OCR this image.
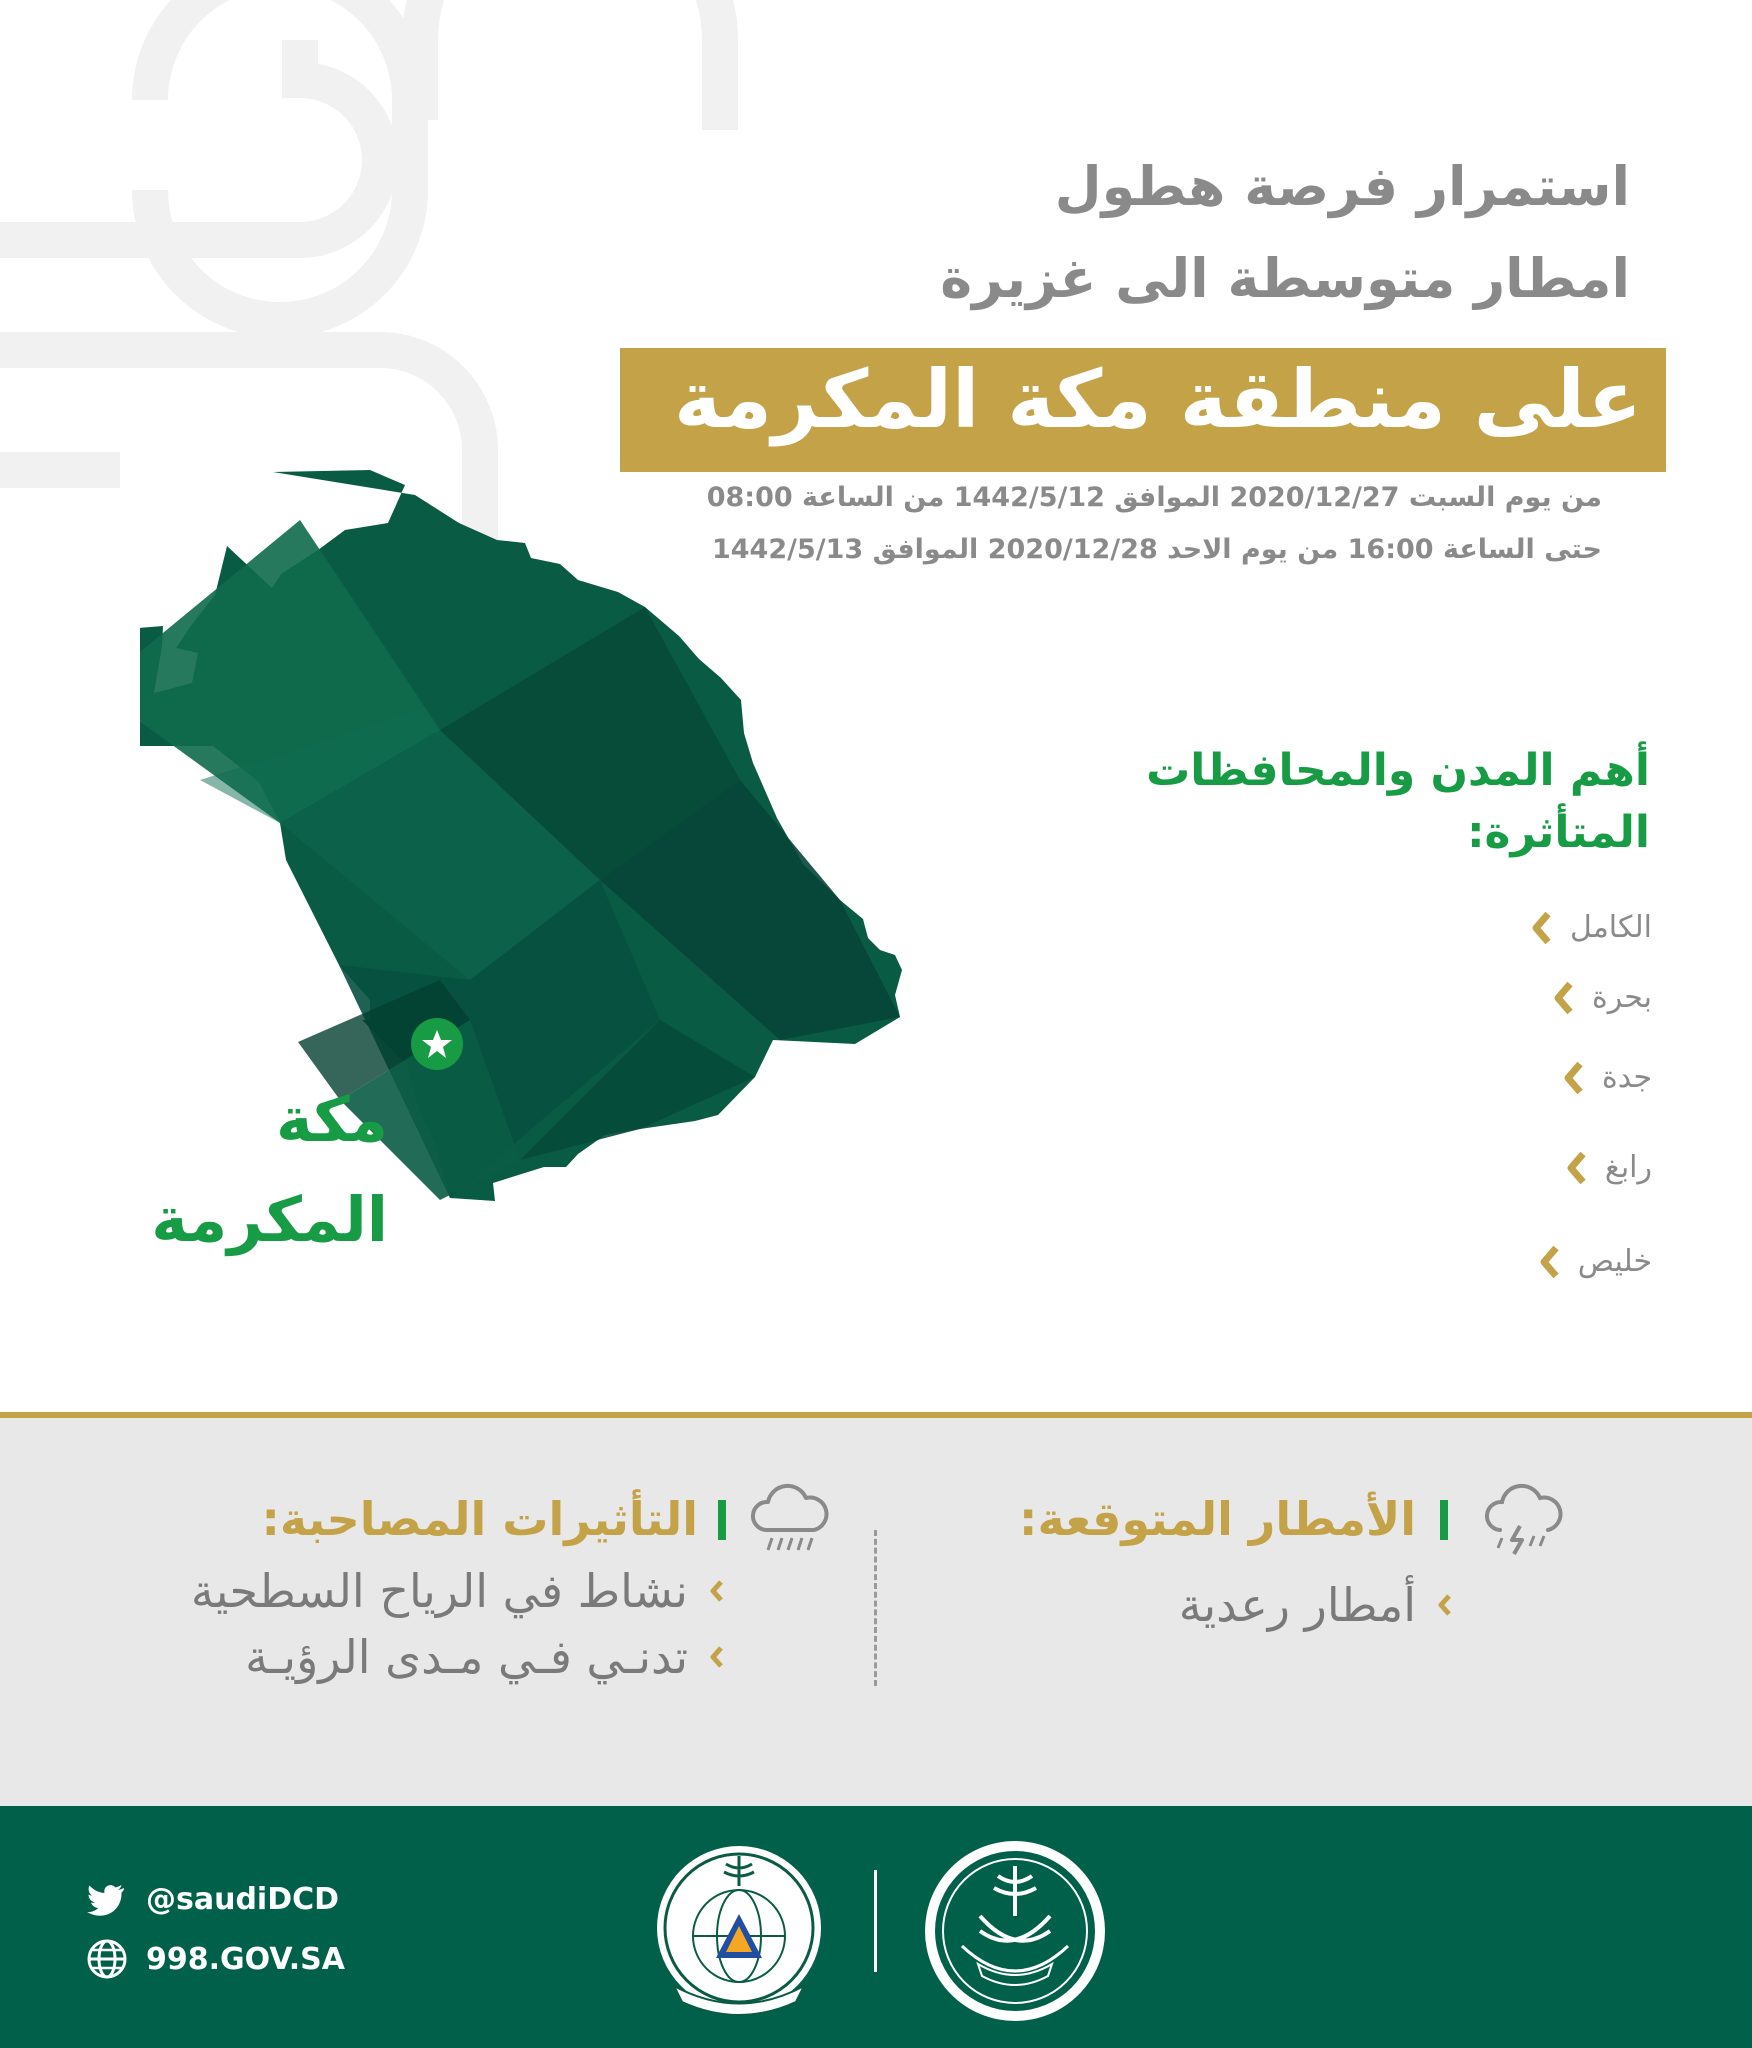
استمرار فرصة هطول
امطار متوسطة الى غزيرة
على منطقة مكة المكرمة
من يوم السبت 2020/12/27 الموافق 1442/5/12 من الساعة 08:00
حتى الساعة 16:00 من يوم الاحد 2020/12/28 الموافق 1442/5/13
مكة
المكرمة
أهم المدن والمحافظات
المتأثرة:
الكامل
بحرة
جدة
رابغ
خليص
الأمطار المتوقعة:
أمطار رعدية
التأثيرات المصاحبة:
نشاط في الرياح السطحية
تدنـي فـي مـدى الرؤيـة
@saudiDCD
998.GOV.SA
